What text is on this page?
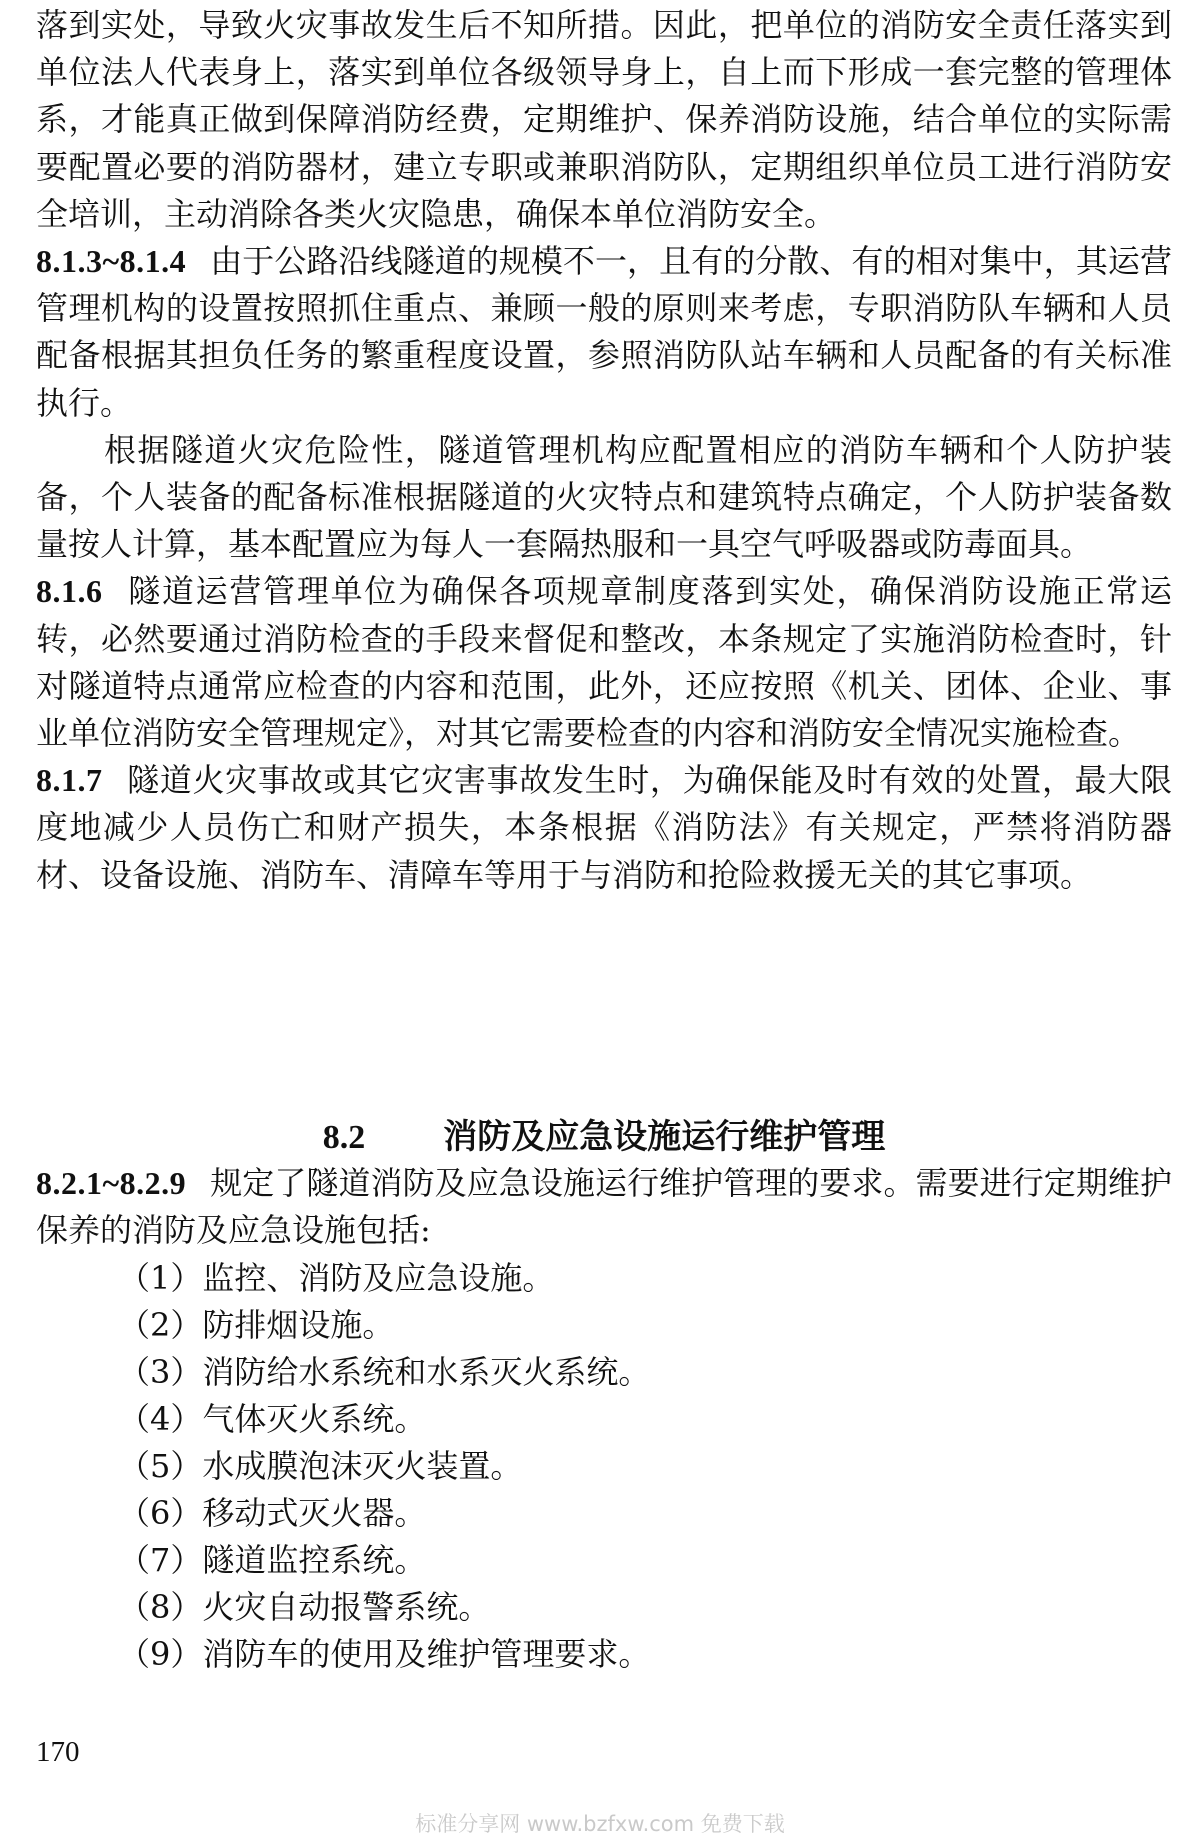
落到实处，导致火灾事故发生后不知所措。因此，把单位的消防安全责任落实到单位法人代表身上，落实到单位各级领导身上，自上而下形成一套完整的管理体系，才能真正做到保障消防经费，定期维护、保养消防设施，结合单位的实际需要配置必要的消防器材，建立专职或兼职消防队，定期组织单位员工进行消防安全培训，主动消除各类火灾隐患，确保本单位消防安全。

8.1.3~8.1.4 由于公路沿线隧道的规模不一，且有的分散、有的相对集中，其运营管理机构的设置按照抓住重点、兼顾一般的原则来考虑，专职消防队车辆和人员配备根据其担负任务的繁重程度设置，参照消防队站车辆和人员配备的有关标准执行。

根据隧道火灾危险性，隧道管理机构应配置相应的消防车辆和个人防护装备，个人装备的配备标准根据隧道的火灾特点和建筑特点确定，个人防护装备数量按人计算，基本配置应为每人一套隔热服和一具空气呼吸器或防毒面具。

8.1.6 隧道运营管理单位为确保各项规章制度落到实处，确保消防设施正常运转，必然要通过消防检查的手段来督促和整改，本条规定了实施消防检查时，针对隧道特点通常应检查的内容和范围，此外，还应按照《机关、团体、企业、事业单位消防安全管理规定》，对其它需要检查的内容和消防安全情况实施检查。

8.1.7 隧道火灾事故或其它灾害事故发生时，为确保能及时有效的处置，最大限度地减少人员伤亡和财产损失，本条根据《消防法》有关规定，严禁将消防器材、设备设施、消防车、清障车等用于与消防和抢险救援无关的其它事项。

8.2 消防及应急设施运行维护管理

8.2.1~8.2.9 规定了隧道消防及应急设施运行维护管理的要求。需要进行定期维护保养的消防及应急设施包括:

（1）监控、消防及应急设施。
（2）防排烟设施。
（3）消防给水系统和水系灭火系统。
（4）气体灭火系统。
（5）水成膜泡沫灭火装置。
（6）移动式灭火器。
（7）隧道监控系统。
（8）火灾自动报警系统。
（9）消防车的使用及维护管理要求。
170
标准分享网 www.bzfxw.com 免费下载
